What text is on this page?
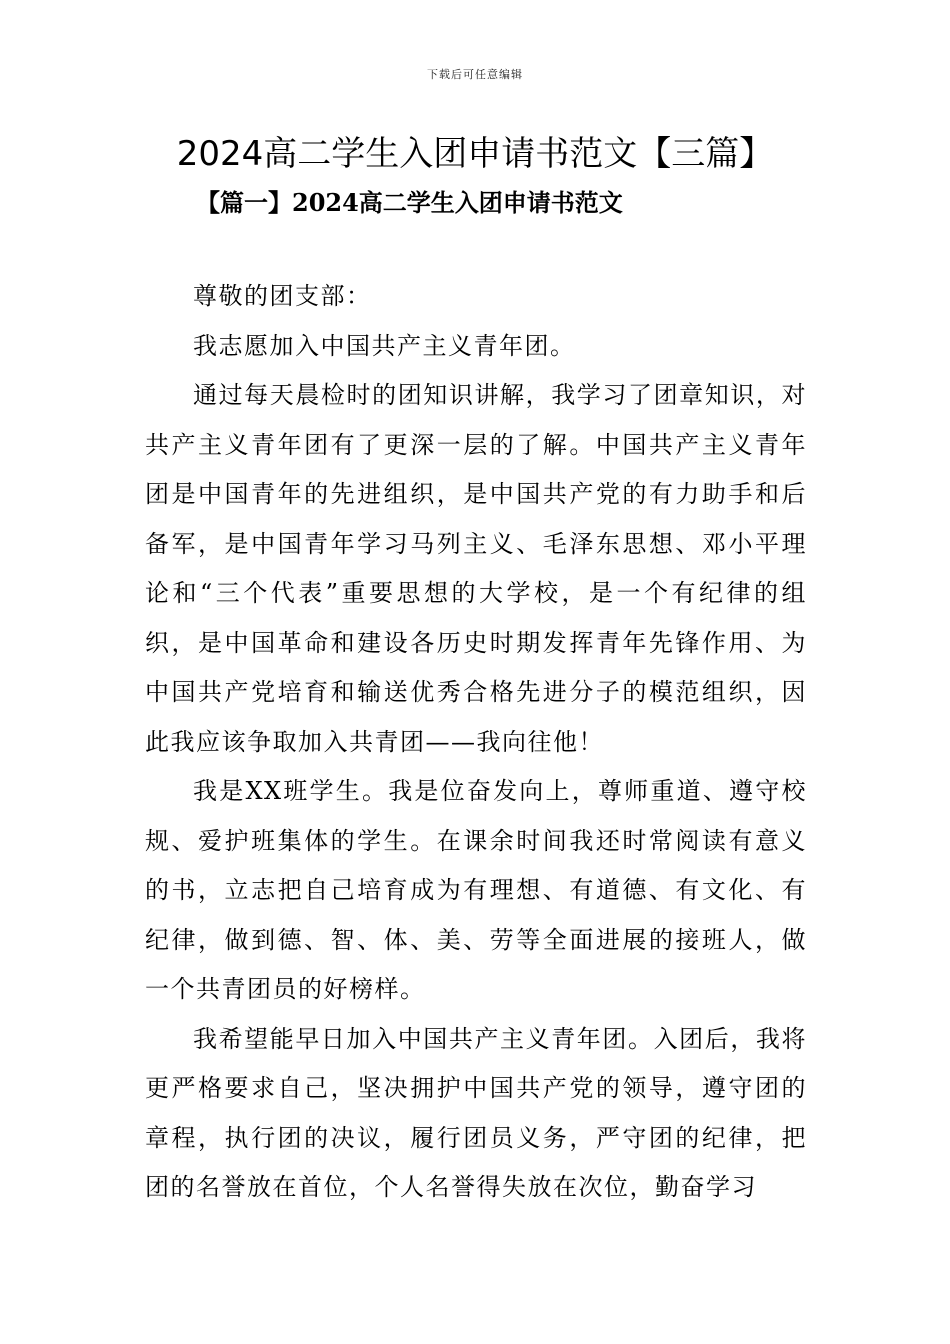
下载后可任意编辑
2024高二学生入团申请书范文【三篇】
【篇一】2024高二学生入团申请书范文

尊敬的团支部：

我志愿加入中国共产主义青年团。

通过每天晨检时的团知识讲解，我学习了团章知识，对共产主义青年团有了更深一层的了解。中国共产主义青年团是中国青年的先进组织，是中国共产党的有力助手和后备军，是中国青年学习马列主义、毛泽东思想、邓小平理论和“三个代表”重要思想的大学校，是一个有纪律的组织，是中国革命和建设各历史时期发挥青年先锋作用、为中国共产党培育和输送优秀合格先进分子的模范组织，因此我应该争取加入共青团——我向往他！

我是XX班学生。我是位奋发向上，尊师重道、遵守校规、爱护班集体的学生。在课余时间我还时常阅读有意义的书，立志把自己培育成为有理想、有道德、有文化、有纪律，做到德、智、体、美、劳等全面进展的接班人，做一个共青团员的好榜样。

我希望能早日加入中国共产主义青年团。入团后，我将更严格要求自己，坚决拥护中国共产党的领导，遵守团的章程，执行团的决议，履行团员义务，严守团的纪律，把团的名誉放在首位，个人名誉得失放在次位，勤奋学习
